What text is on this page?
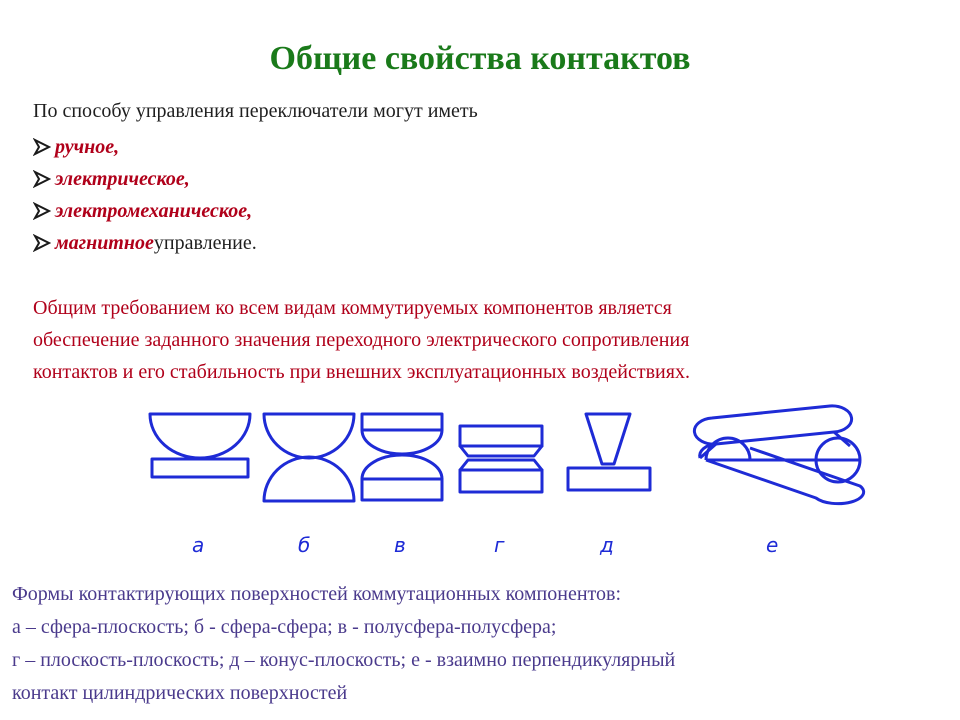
Общие свойства контактов
По способу управления переключатели могут иметь
ручное,
электрическое,
электромеханическое,
магнитное управление.
Общим требованием ко всем видам коммутируемых компонентов является
обеспечение заданного значения переходного электрического сопротивления
контактов и его стабильность при внешних эксплуатационных воздействиях.
а	б	в	г	д	е
Формы контактирующих поверхностей коммутационных компонентов:
а – сфера-плоскость; б - сфера-сфера; в - полусфера-полусфера;
г – плоскость-плоскость; д – конус-плоскость; е - взаимно перпендикулярный
контакт цилиндрических поверхностей
